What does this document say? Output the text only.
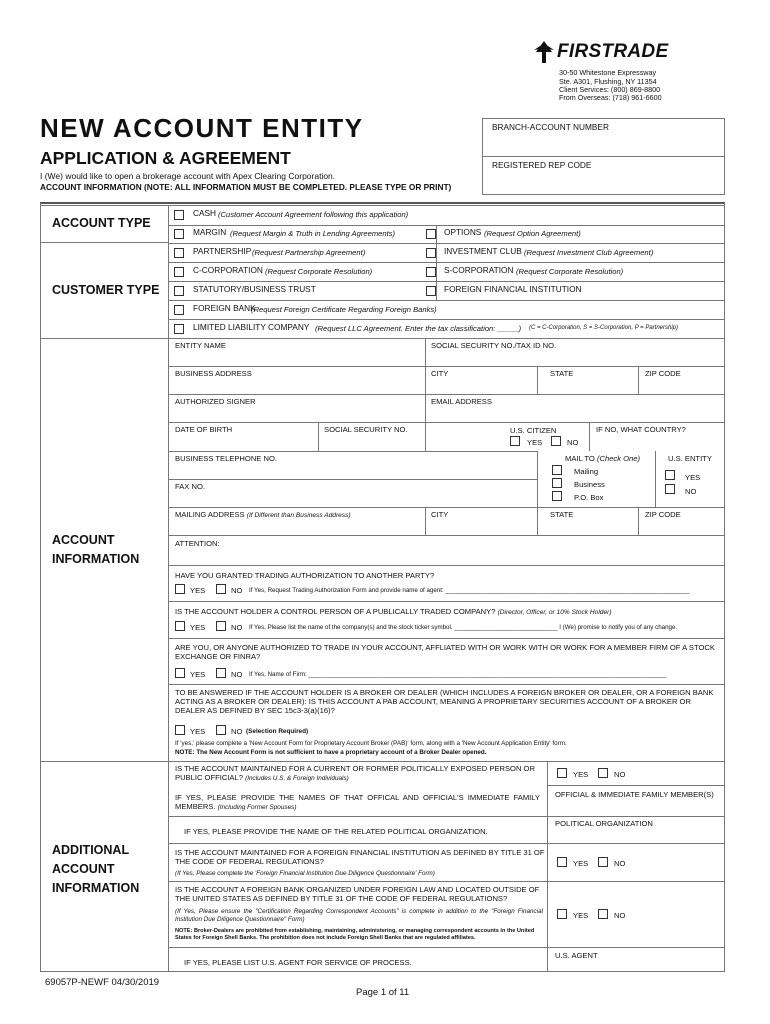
FIRSTRADE
30-50 Whitestone Expressway
Ste. A301, Flushing, NY 11354
Client Services: (800) 869-8800
From Overseas: (718) 961-6600
NEW ACCOUNT ENTITY
APPLICATION & AGREEMENT
I (We) would like to open a brokerage account with Apex Clearing Corporation.
ACCOUNT INFORMATION (NOTE: ALL INFORMATION MUST BE COMPLETED. PLEASE TYPE OR PRINT)
BRANCH-ACCOUNT NUMBER
REGISTERED REP CODE
ACCOUNT TYPE
CUSTOMER TYPE
ACCOUNT INFORMATION
ADDITIONAL ACCOUNT INFORMATION
CASH (Customer Account Agreement following this application)
MARGIN (Request Margin & Truth in Lending Agreements)	OPTIONS (Request Option Agreement)
PARTNERSHIP (Request Partnership Agreement)	INVESTMENT CLUB (Request Investment Club Agreement)
C-CORPORATION (Request Corporate Resolution)	S-CORPORATION (Request Corporate Resolution)
STATUTORY/BUSINESS TRUST	FOREIGN FINANCIAL INSTITUTION
FOREIGN BANK
(Request Foreign Certificate Regarding Foreign Banks)
LIMITED LIABILITY COMPANY (Request LLC Agreement. Enter the tax classification: _____) (C = C-Corporation, S = S-Corporation, P = Partnership)
ENTITY NAME	SOCIAL SECURITY NO./TAX ID NO.
BUSINESS ADDRESS	CITY	STATE	ZIP CODE
AUTHORIZED SIGNER	EMAIL ADDRESS
DATE OF BIRTH	SOCIAL SECURITY NO.	U.S. CITIZEN
YES	NO
IF NO, WHAT COUNTRY?
BUSINESS TELEPHONE NO.	MAIL TO (Check One)
Mailing
Business
P.O. Box
U.S. ENTITY
YES
NO
FAX NO.
MAILING ADDRESS (If Different than Business Address)	CITY	STATE	ZIP CODE
ATTENTION:
HAVE YOU GRANTED TRADING AUTHORIZATION TO ANOTHER PARTY?
YES	NO If Yes, Request Trading Authorization Form and provide name of agent: _______________________________________________________________________
IS THE ACCOUNT HOLDER A CONTROL PERSON OF A PUBLICALLY TRADED COMPANY? (Director, Officer, or 10% Stock Holder)
YES	NO If Yes, Please list the name of the company(s) and the stock ticker symbol. ______________________________ I (We) promise to notify you of any change.
ARE YOU, OR ANYONE AUTHORIZED TO TRADE IN YOUR ACCOUNT, AFFLIATED WITH OR WORK WITH OR WORK FOR A MEMBER FIRM OF A STOCK EXCHANGE OR FINRA?
YES	NO If Yes, Name of Firm: ________________________________________________________________________________________________________
TO BE ANSWERED IF THE ACCOUNT HOLDER IS A BROKER OR DEALER (WHICH INCLUDES A FOREIGN BROKER OR DEALER, OR A FOREIGN BANK ACTING AS A BROKER OR DEALER): IS THIS ACCOUNT A PAB ACCOUNT, MEANING A PROPRIETARY SECURITIES ACCOUNT OF A BROKER OR DEALER AS DEFINED BY SEC 15c3-3(a)(16)?
YES	NO (Selection Required)
If 'yes,' please complete a 'New Account Form for Proprietary Account Broker (PAB)' form, along with a 'New Account Application Entity' form.
NOTE: The New Account Form is not sufficient to have a proprietary account of a Broker Dealer opened.
IS THE ACCOUNT MAINTAINED FOR A CURRENT OR FORMER POLITICALLY EXPOSED PERSON OR PUBLIC OFFICIAL? (Includes U.S. & Foreign Individuals)	YES	NO
IF YES, PLEASE PROVIDE THE NAMES OF THAT OFFICAL AND OFFICIAL'S IMMEDIATE FAMILY MEMBERS. (Including Former Spouses)
OFFICIAL & IMMEDIATE FAMILY MEMBER(S)
IF YES, PLEASE PROVIDE THE NAME OF THE RELATED POLITICAL ORGANIZATION.
POLITICAL ORGANIZATION
IS THE ACCOUNT MAINTAINED FOR A FOREIGN FINANCIAL INSTITUTION AS DEFINED BY TITLE 31 OF THE CODE OF FEDERAL REGULATIONS?
(If Yes, Please complete the 'Foreign Financial Institution Due Diligence Questionnaire' Form)
YES	NO
IS THE ACCOUNT A FOREIGN BANK ORGANIZED UNDER FOREIGN LAW AND LOCATED OUTSIDE OF THE UNITED STATES AS DEFINED BY TITLE 31 OF THE CODE OF FEDERAL REGULATIONS?
(If Yes, Please ensure the "Certification Regarding Correspondent Accounts" is complete in addition to the "Foreign Financial Institution Due Diligence Questionnaire" Form)
NOTE: Broker-Dealers are prohibited from establishing, maintaining, administering, or managing correspondent accounts in the United States for Foreign Shell Banks. The prohibition does not include Foreign Shell Banks that are regulated affiliates.
YES	NO
IF YES, PLEASE LIST U.S. AGENT FOR SERVICE OF PROCESS.
U.S. AGENT
69057P-NEWF 04/30/2019
Page 1 of 11
